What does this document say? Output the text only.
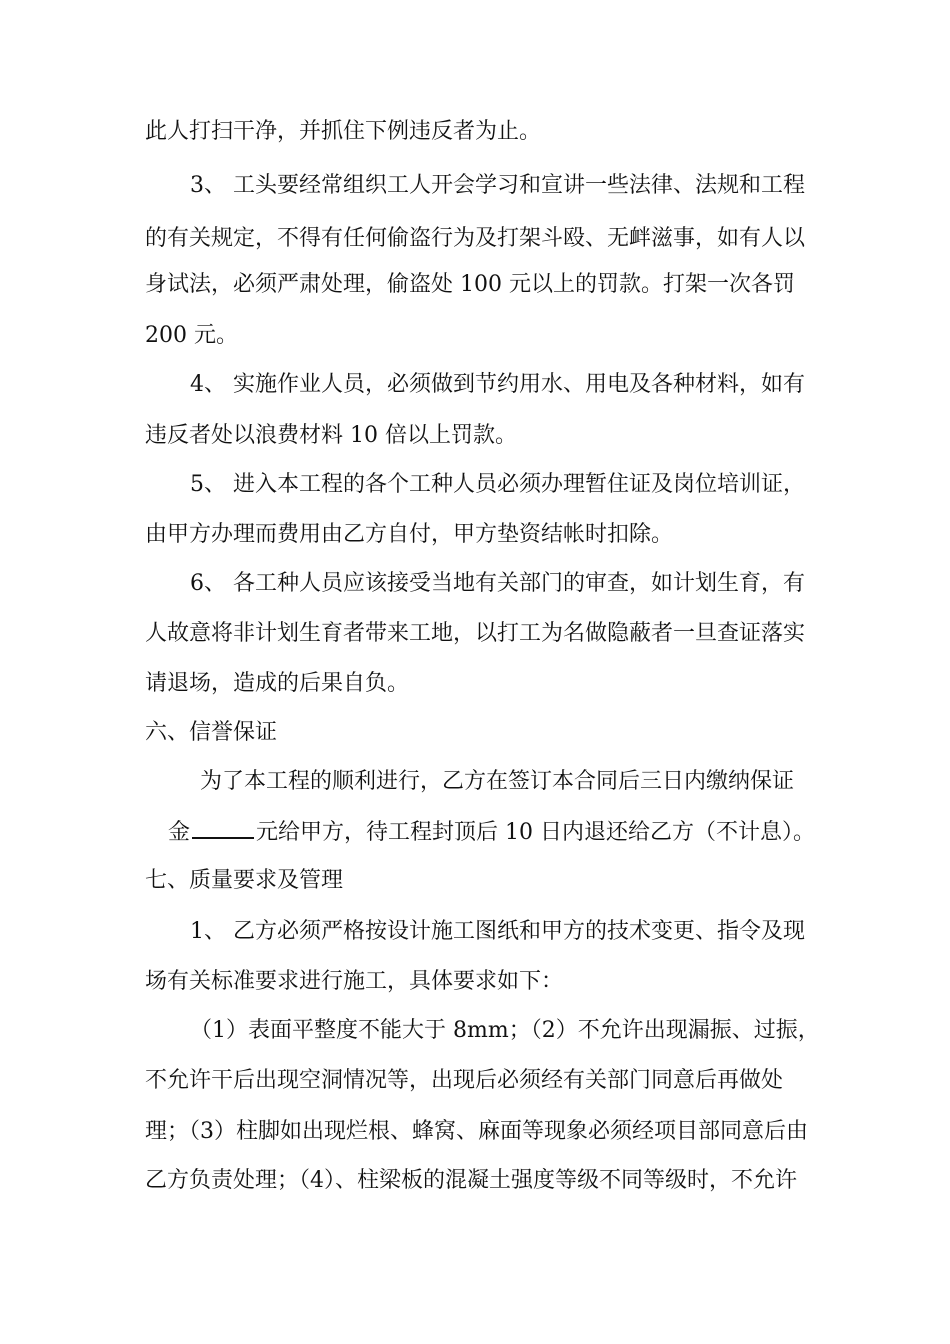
此人打扫干净，并抓住下例违反者为止。
3、 工头要经常组织工人开会学习和宣讲一些法律、法规和工程
的有关规定，不得有任何偷盗行为及打架斗殴、无衅滋事，如有人以
身试法，必须严肃处理，偷盗处 100 元以上的罚款。打架一次各罚
200 元。
4、 实施作业人员，必须做到节约用水、用电及各种材料，如有
违反者处以浪费材料 10 倍以上罚款。
5、 进入本工程的各个工种人员必须办理暂住证及岗位培训证，
由甲方办理而费用由乙方自付，甲方垫资结帐时扣除。
6、 各工种人员应该接受当地有关部门的审查，如计划生育，有
人故意将非计划生育者带来工地，以打工为名做隐蔽者一旦查证落实
请退场，造成的后果自负。
六、信誉保证
为了本工程的顺利进行，乙方在签订本合同后三日内缴纳保证
金	元给甲方，待工程封顶后 10 日内退还给乙方（不计息）。
七、质量要求及管理
1、 乙方必须严格按设计施工图纸和甲方的技术变更、指令及现
场有关标准要求进行施工，具体要求如下：
（1）表面平整度不能大于 8mm；（2）不允许出现漏振、过振，
不允许干后出现空洞情况等，出现后必须经有关部门同意后再做处
理；（3）柱脚如出现烂根、蜂窝、麻面等现象必须经项目部同意后由
乙方负责处理；（4）、柱梁板的混凝土强度等级不同等级时，不允许
